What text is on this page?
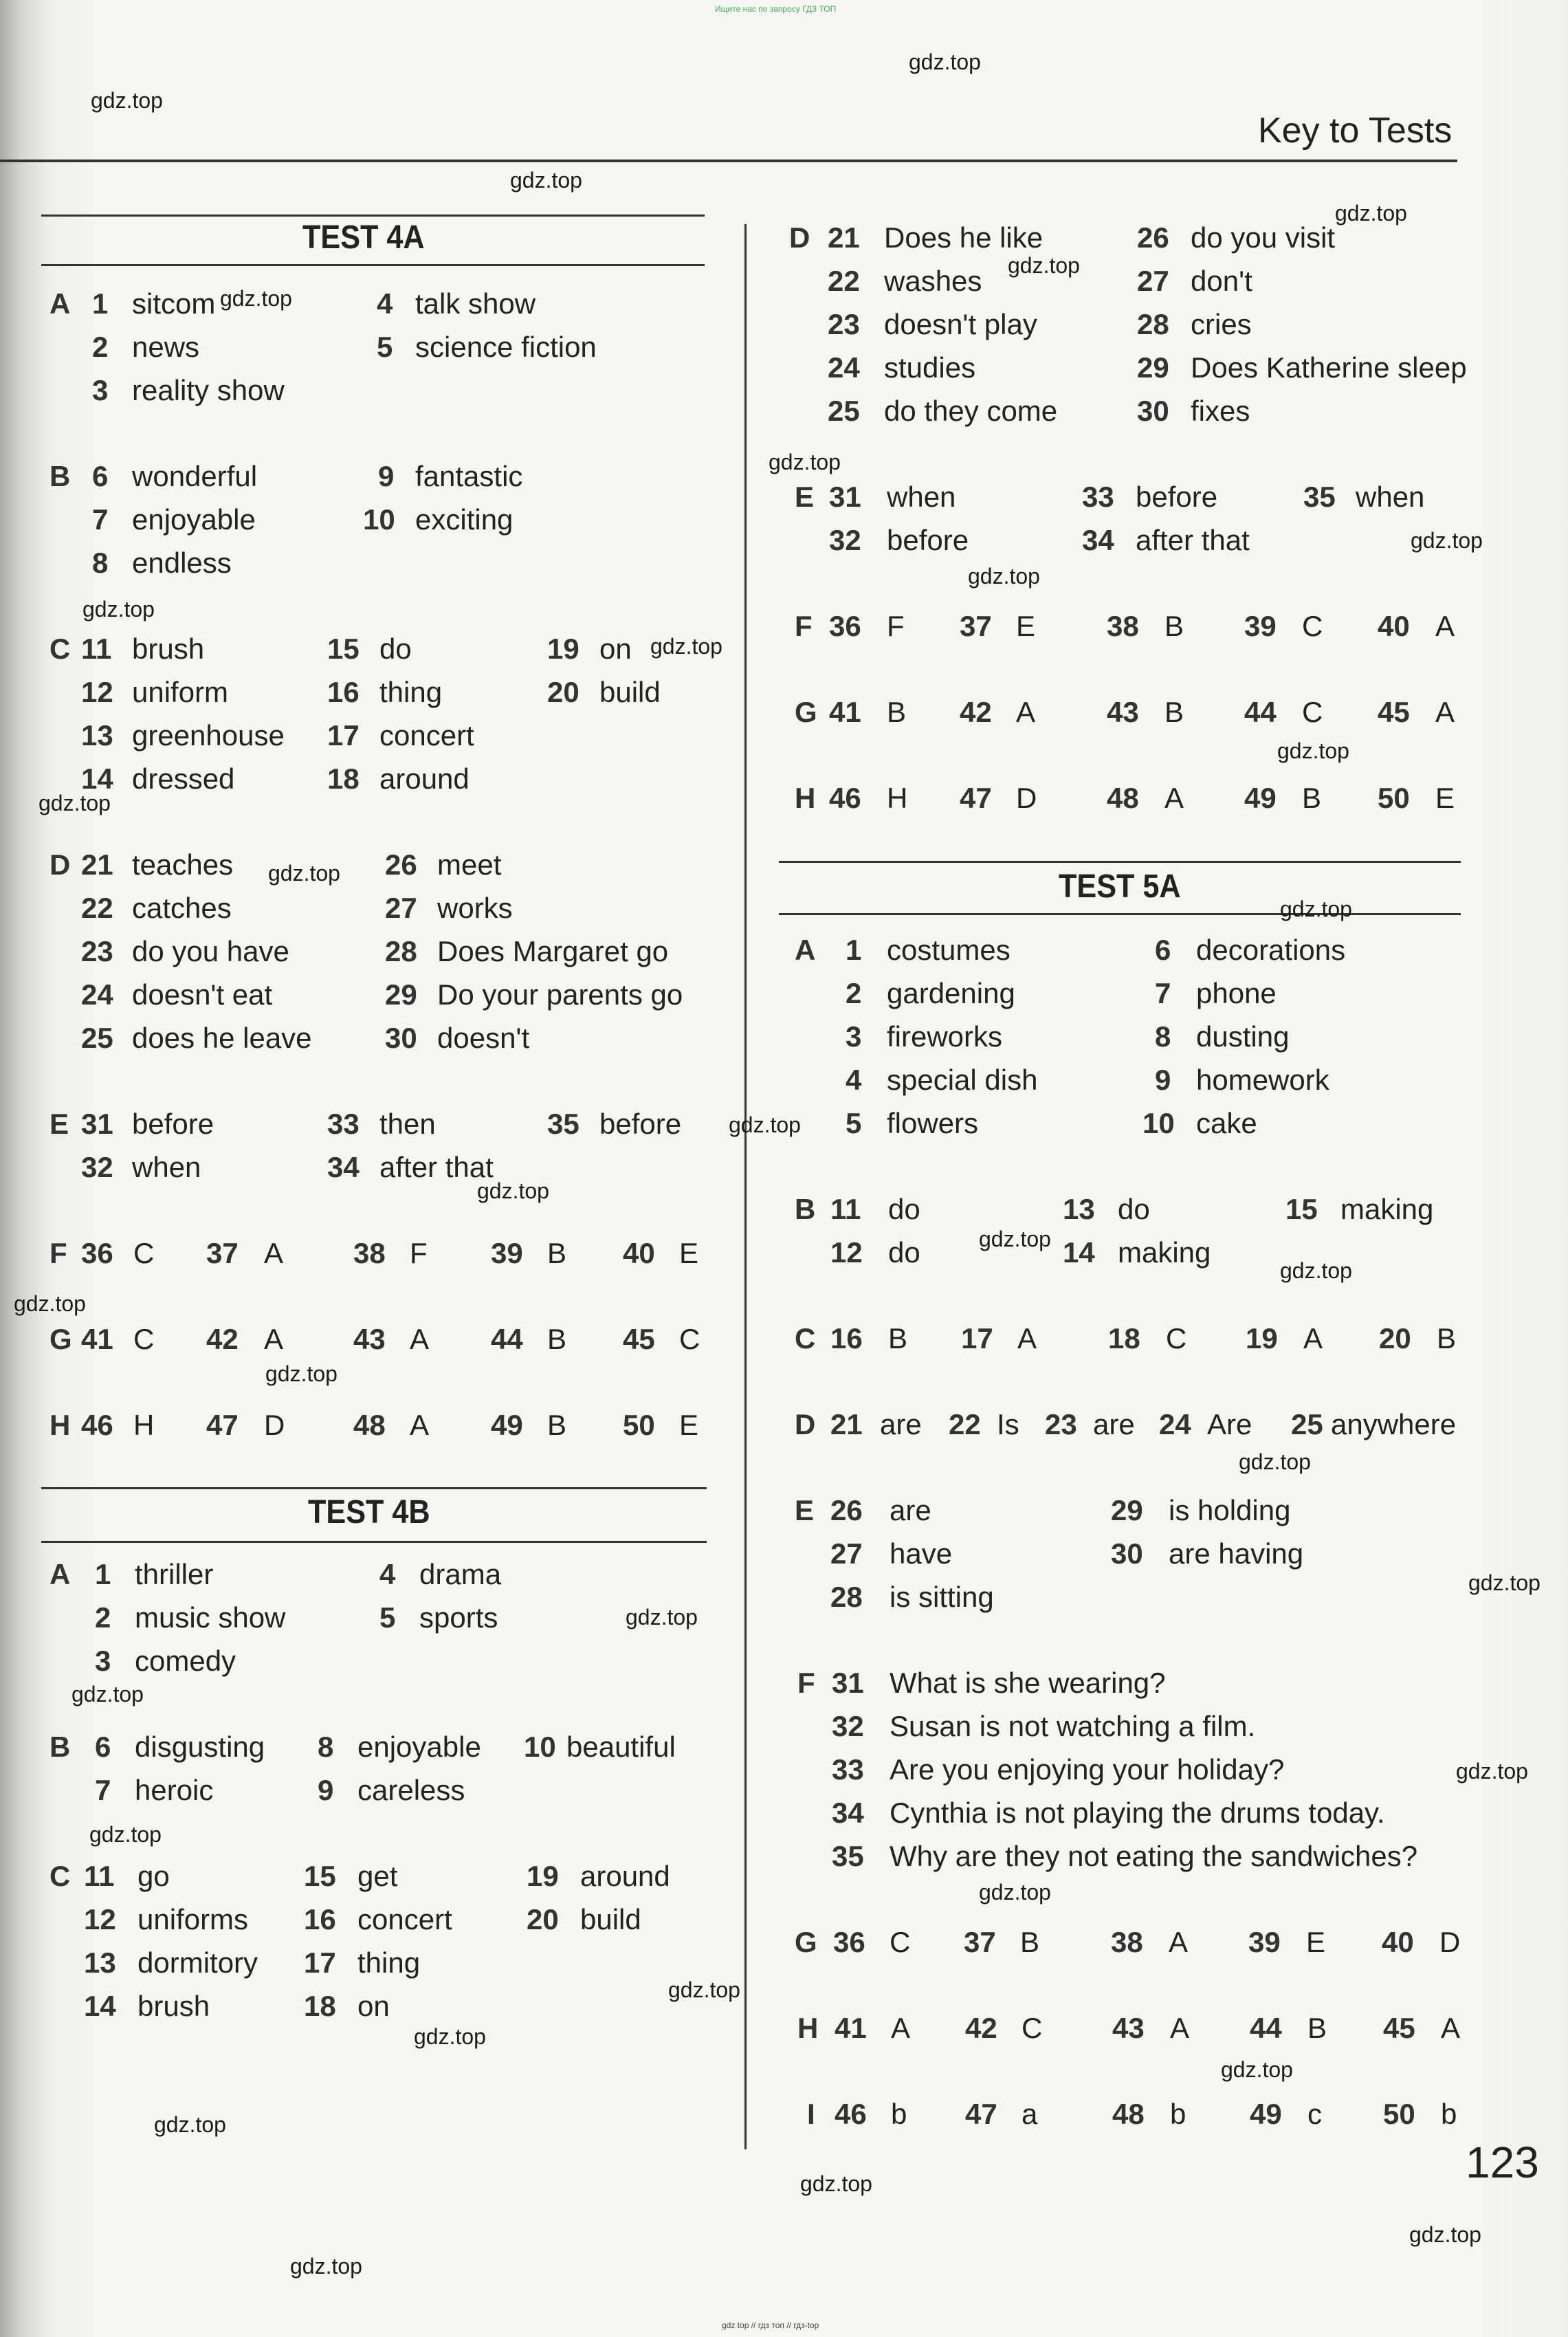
Ищите нас по запросу ГДЗ ТОП
Key to Tests
TEST 4A
A 1 sitcom	4 talk show
2 news	5 science fiction
3 reality show
B 6 wonderful	9 fantastic
7 enjoyable	10 exciting
8 endless
C 11 brush	15 do	19 on
12 uniform	16 thing	20 build
13 greenhouse 17 concert
14 dressed	18 around
D 21 teaches	26 meet
22 catches	27 works
23 do you have	28 Does Margaret go
24 doesn't eat	29 Do your parents go
25 does he leave	30 doesn't
E 31 before	33 then	35 before
32 when	34 after that
F 36 C 37 A 38 F 39 B 40 E
G 41 C 42 A 43 A 44 B 45 C
H 46 H 47 D 48 A 49 B 50 E
TEST 4B
A 1 thriller	4 drama
2 music show	5 sports
3 comedy
B 6 disgusting 8 enjoyable 10 beautiful
7 heroic	9 careless
C 11 go	15 get	19 around
12 uniforms 16 concert	20 build
13 dormitory 17 thing
14 brush	18 on
D 21 Does he like	26 do you visit
22 washes	27 don't
23 doesn't play	28 cries
24 studies	29 Does Katherine sleep
25 do they come	30 fixes
E 31 when	33 before	35 when
32 before	34 after that
F 36 F 37 E 38 B 39 C 40 A
G 41 B 42 A 43 B 44 C 45 A
H 46 H 47 D 48 A 49 B 50 E
TEST 5A
A 1 costumes	6 decorations
2 gardening	7 phone
3 fireworks	8 dusting
4 special dish	9 homework
5 flowers	10 cake
B 11 do	13 do	15 making
12 do	14 making
C 16 B 17 A 18 C 19 A 20 B
D 21 are 22 Is 23 are 24 Are 25 anywhere
E 26 are	29 is holding
27 have	30 are having
28 is sitting
F 31 What is she wearing?
32 Susan is not watching a film.
33 Are you enjoying your holiday?
34 Cynthia is not playing the drums today.
35 Why are they not eating the sandwiches?
G 36 C 37 B 38 A 39 E 40 D
H 41 A 42 C 43 A 44 B 45 A
I 46 b 47 a	48 b 49 c 50 b
123
gdz.top
gdz.top
gdz.top
gdz.top
gdz.top
gdz.top
gdz.top
gdz.top
gdz.top
gdz.top
gdz.top
gdz.top
gdz.top
gdz.top
gdz.top
gdz.top
gdz.top
gdz.top
gdz.top
gdz.top
gdz.top
gdz.top
gdz.top
gdz.top
gdz.top
gdz.top
gdz.top
gdz.top
gdz.top
gdz.top
gdz.top
gdz.top
gdz.top
gdz.top
gdz.top
gdz top // гдз топ // гдз-top
